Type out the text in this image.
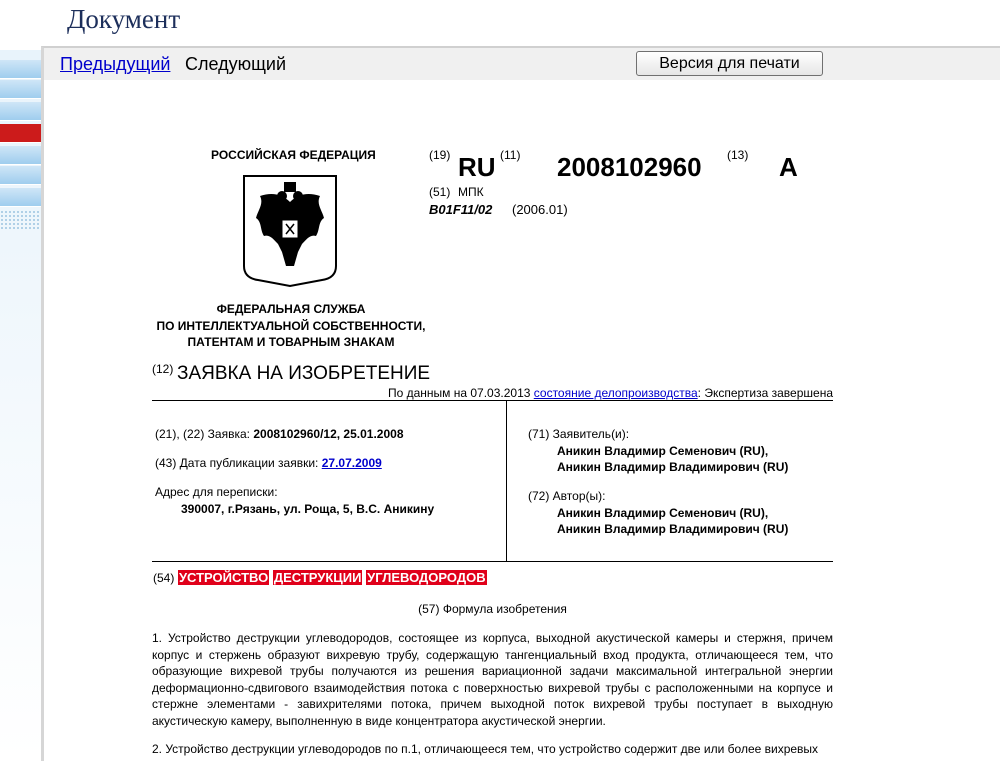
Документ
Предыдущий Следующий	Версия для печати
РОССИЙСКАЯ ФЕДЕРАЦИЯ
ФЕДЕРАЛЬНАЯ СЛУЖБА
ПО ИНТЕЛЛЕКТУАЛЬНОЙ СОБСТВЕННОСТИ,
ПАТЕНТАМ И ТОВАРНЫМ ЗНАКАМ
(19) RU (11) 2008102960 (13) A
(51) МПК
B01F11/02 (2006.01)
(12) ЗАЯВКА НА ИЗОБРЕТЕНИЕ
По данным на 07.03.2013 состояние делопроизводства: Экспертиза завершена
(21), (22) Заявка: 2008102960/12, 25.01.2008
(43) Дата публикации заявки: 27.07.2009
Адрес для переписки:
390007, г.Рязань, ул. Роща, 5, В.С. Аникину
(71) Заявитель(и):
Аникин Владимир Семенович (RU),
Аникин Владимир Владимирович (RU)
(72) Автор(ы):
Аникин Владимир Семенович (RU),
Аникин Владимир Владимирович (RU)
(54) УСТРОЙСТВО ДЕСТРУКЦИИ УГЛЕВОДОРОДОВ
(57) Формула изобретения

1. Устройство деструкции углеводородов, состоящее из корпуса, выходной акустической камеры и стержня, причем корпус и стержень образуют вихревую трубу, содержащую тангенциальный вход продукта, отличающееся тем, что образующие вихревой трубы получаются из решения вариационной задачи максимальной интегральной энергии деформационно-сдвигового взаимодействия потока с поверхностью вихревой трубы с расположенными на корпусе и стержне элементами - завихрителями потока, причем выходной поток вихревой трубы поступает в выходную акустическую камеру, выполненную в виде концентратора акустической энергии.

2. Устройство деструкции углеводородов по п.1, отличающееся тем, что устройство содержит две или более вихревых
